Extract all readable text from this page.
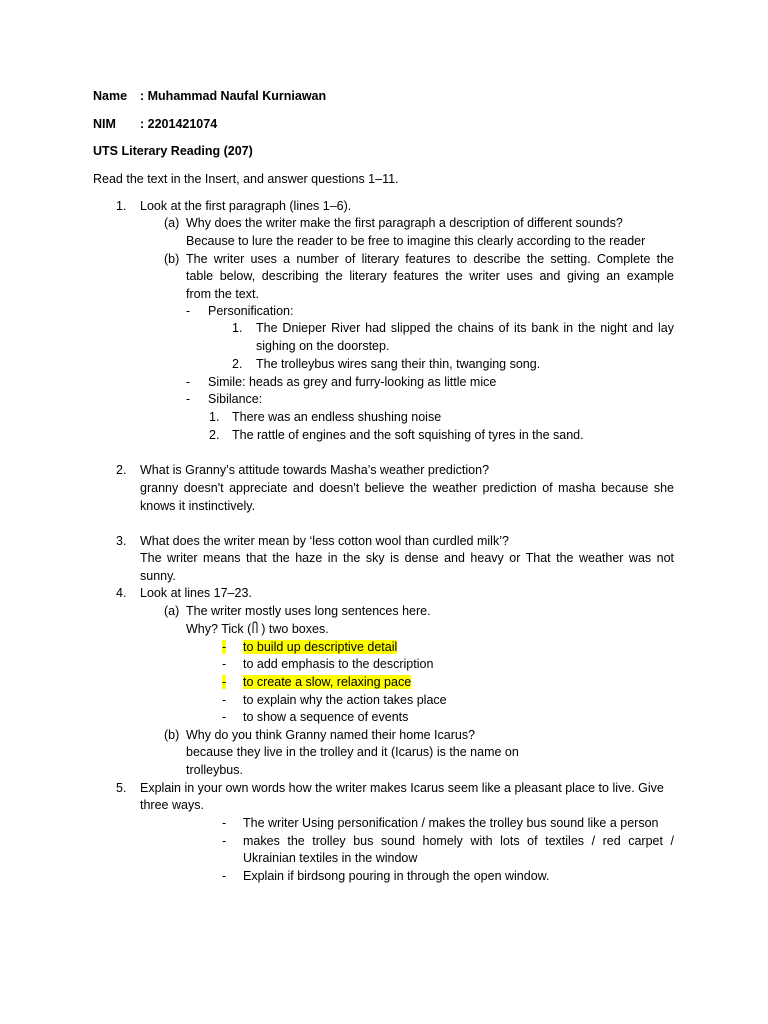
Name : Muhammad Naufal Kurniawan
NIM : 2201421074
UTS Literary Reading (207)
Read the text in the Insert, and answer questions 1–11.
1. Look at the first paragraph (lines 1–6).
(a) Why does the writer make the first paragraph a description of different sounds?
Because to lure the reader to be free to imagine this clearly according to the reader
(b) The writer uses a number of literary features to describe the setting. Complete the
table below, describing the literary features the writer uses and giving an example
from the text.
- Personification:
1. The Dnieper River had slipped the chains of its bank in the night and lay
sighing on the doorstep.
2. The trolleybus wires sang their thin, twanging song.
- Simile: heads as grey and furry-looking as little mice
- Sibilance:
1. There was an endless shushing noise
2. The rattle of engines and the soft squishing of tyres in the sand.
2. What is Granny’s attitude towards Masha’s weather prediction?
granny doesn't appreciate and doesn't believe the weather prediction of masha because she
knows it instinctively.
3. What does the writer mean by ‘less cotton wool than curdled milk’?
The writer means that the haze in the sky is dense and heavy or That the weather was not
sunny.
4. Look at lines 17–23.
(a) The writer mostly uses long sentences here.
Why? Tick ( ) two boxes.
- to build up descriptive detail
- to add emphasis to the description
- to create a slow, relaxing pace
- to explain why the action takes place
- to show a sequence of events
(b) Why do you think Granny named their home Icarus?
because they live in the trolley and it (Icarus) is the name on
trolleybus.
5. Explain in your own words how the writer makes Icarus seem like a pleasant place to live. Give
three ways.
- The writer Using personification / makes the trolley bus sound like a person
- makes the trolley bus sound homely with lots of textiles / red carpet /
Ukrainian textiles in the window
- Explain if birdsong pouring in through the open window.
